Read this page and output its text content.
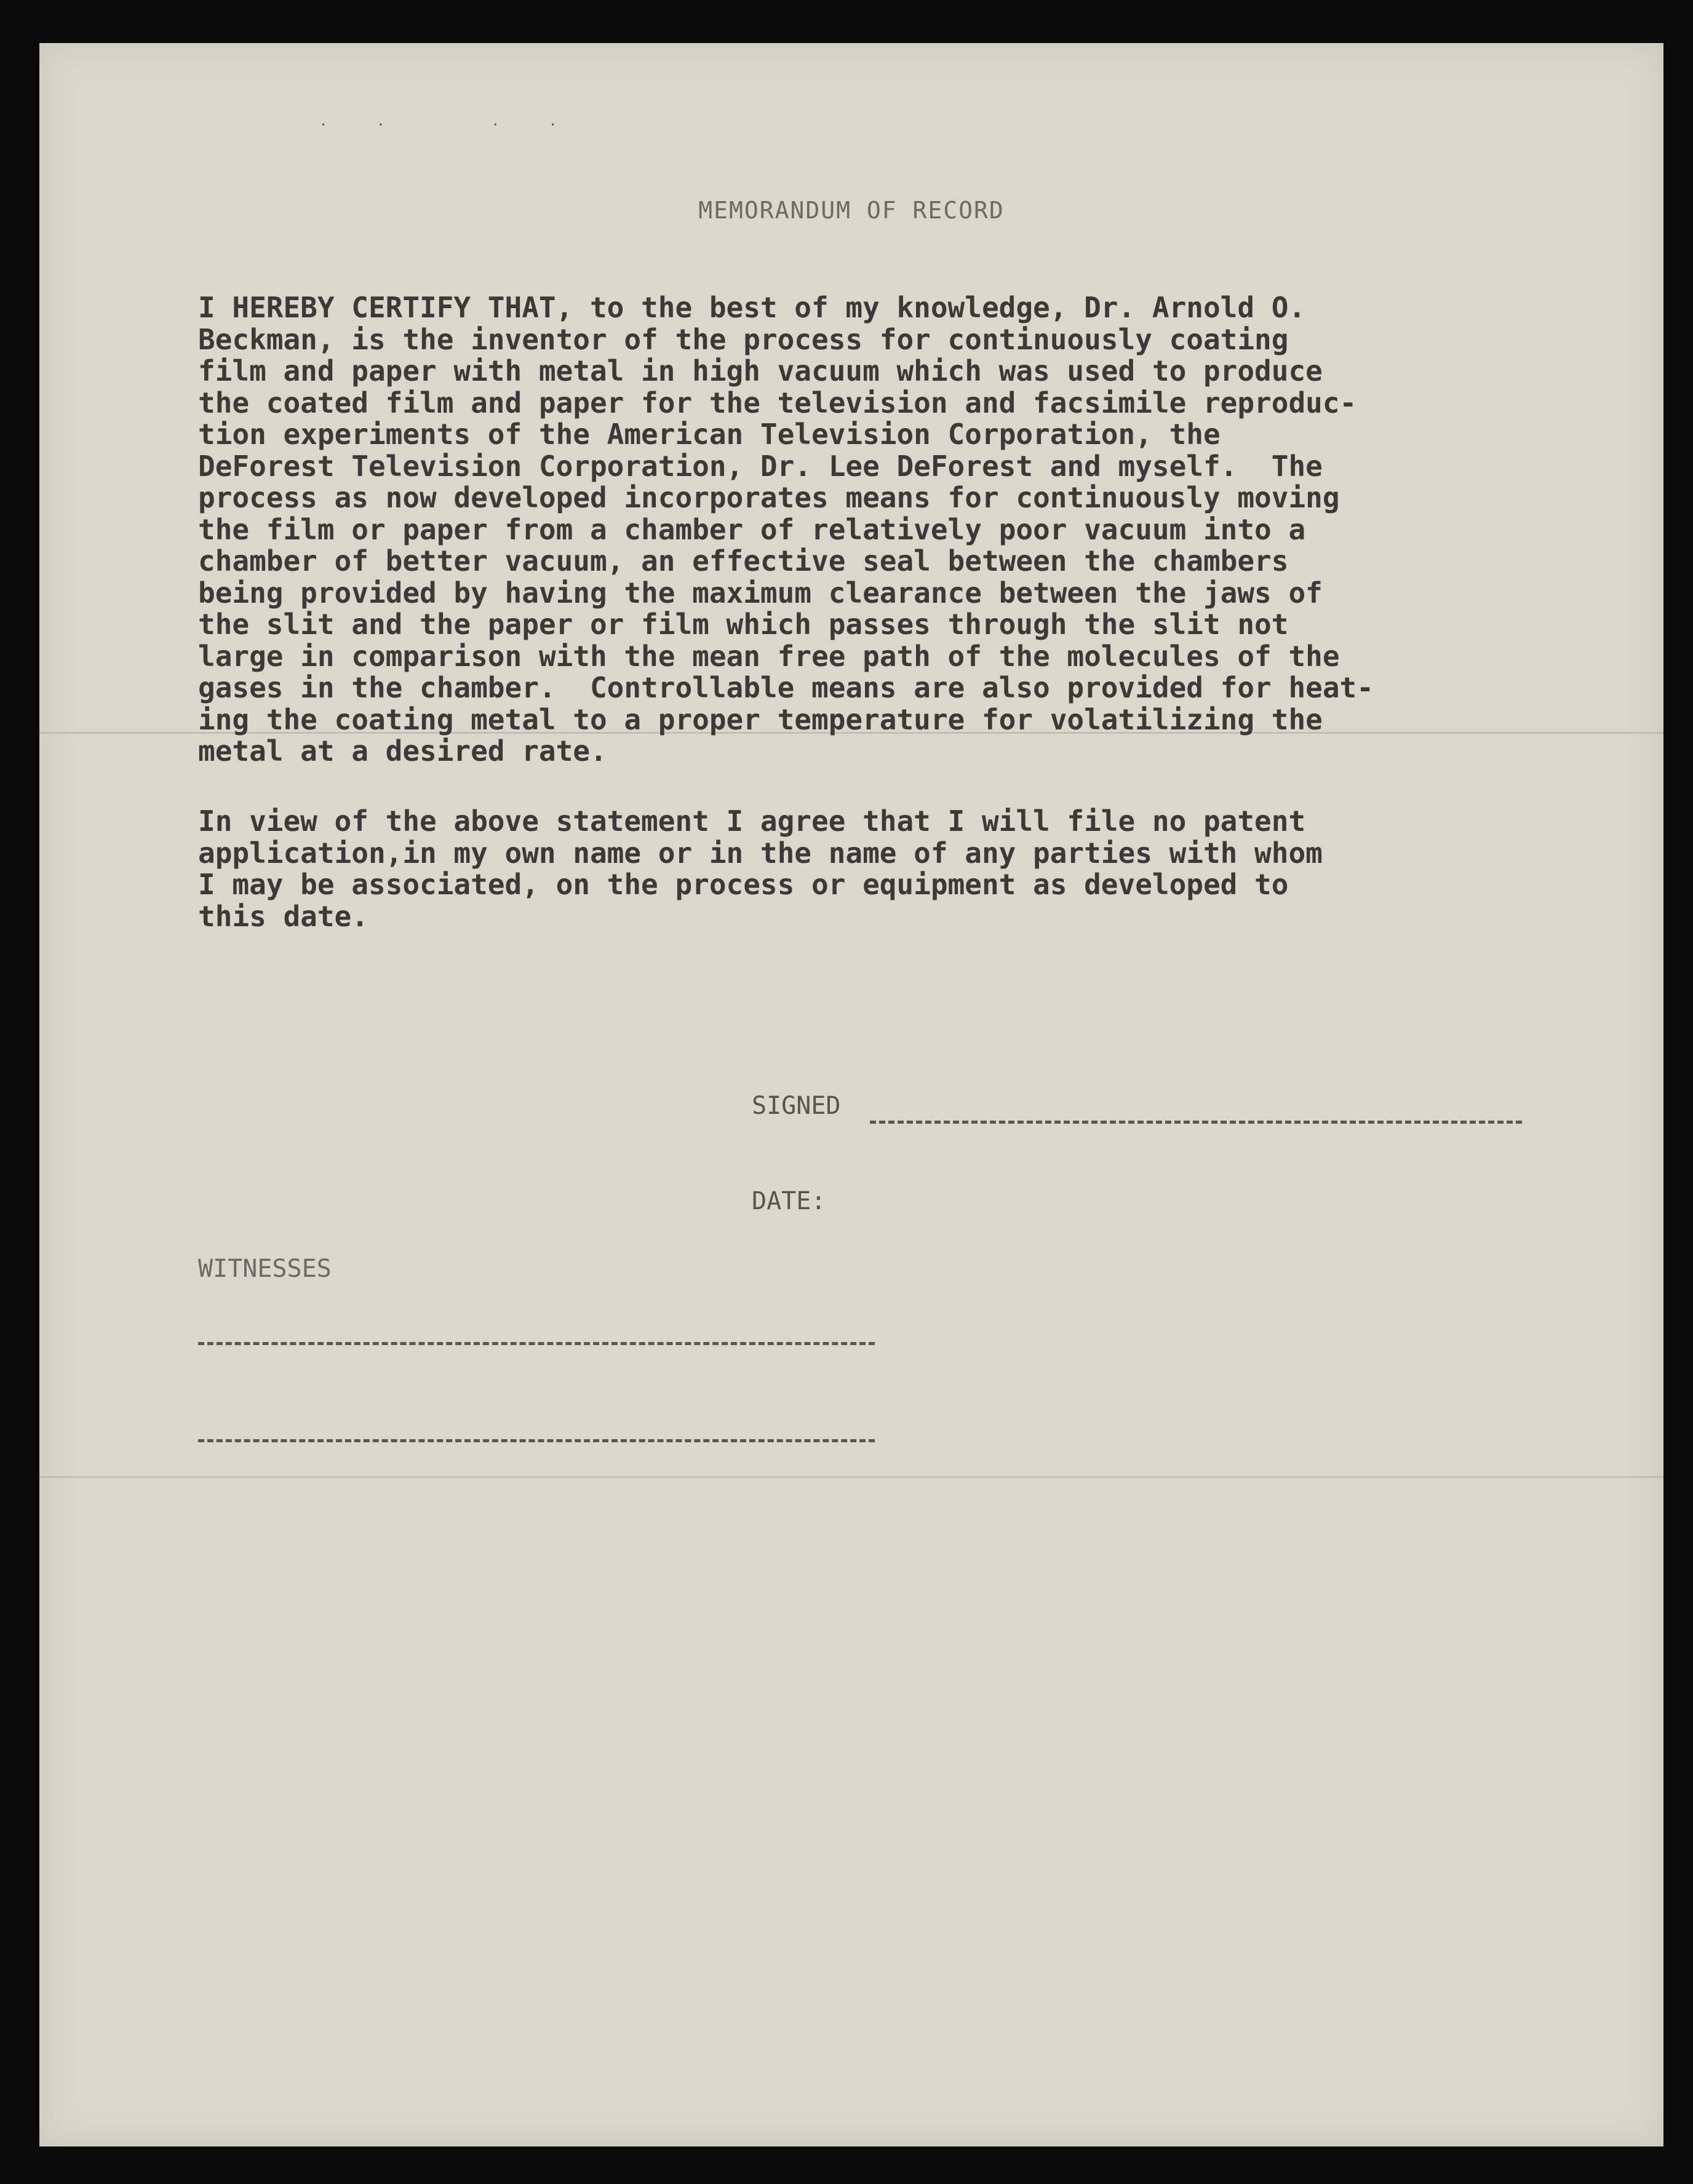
.. ..
MEMORANDUM OF RECORD
I HEREBY CERTIFY THAT, to the best of my knowledge, Dr. Arnold O.
Beckman, is the inventor of the process for continuously coating
film and paper with metal in high vacuum which was used to produce
the coated film and paper for the television and facsimile reproduc-
tion experiments of the American Television Corporation, the
DeForest Television Corporation, Dr. Lee DeForest and myself.  The
process as now developed incorporates means for continuously moving
the film or paper from a chamber of relatively poor vacuum into a
chamber of better vacuum, an effective seal between the chambers
being provided by having the maximum clearance between the jaws of
the slit and the paper or film which passes through the slit not
large in comparison with the mean free path of the molecules of the
gases in the chamber.  Controllable means are also provided for heat-
ing the coating metal to a proper temperature for volatilizing the
metal at a desired rate.
In view of the above statement I agree that I will file no patent
application,in my own name or in the name of any parties with whom
I may be associated, on the process or equipment as developed to
this date.
SIGNED
DATE:
WITNESSES
